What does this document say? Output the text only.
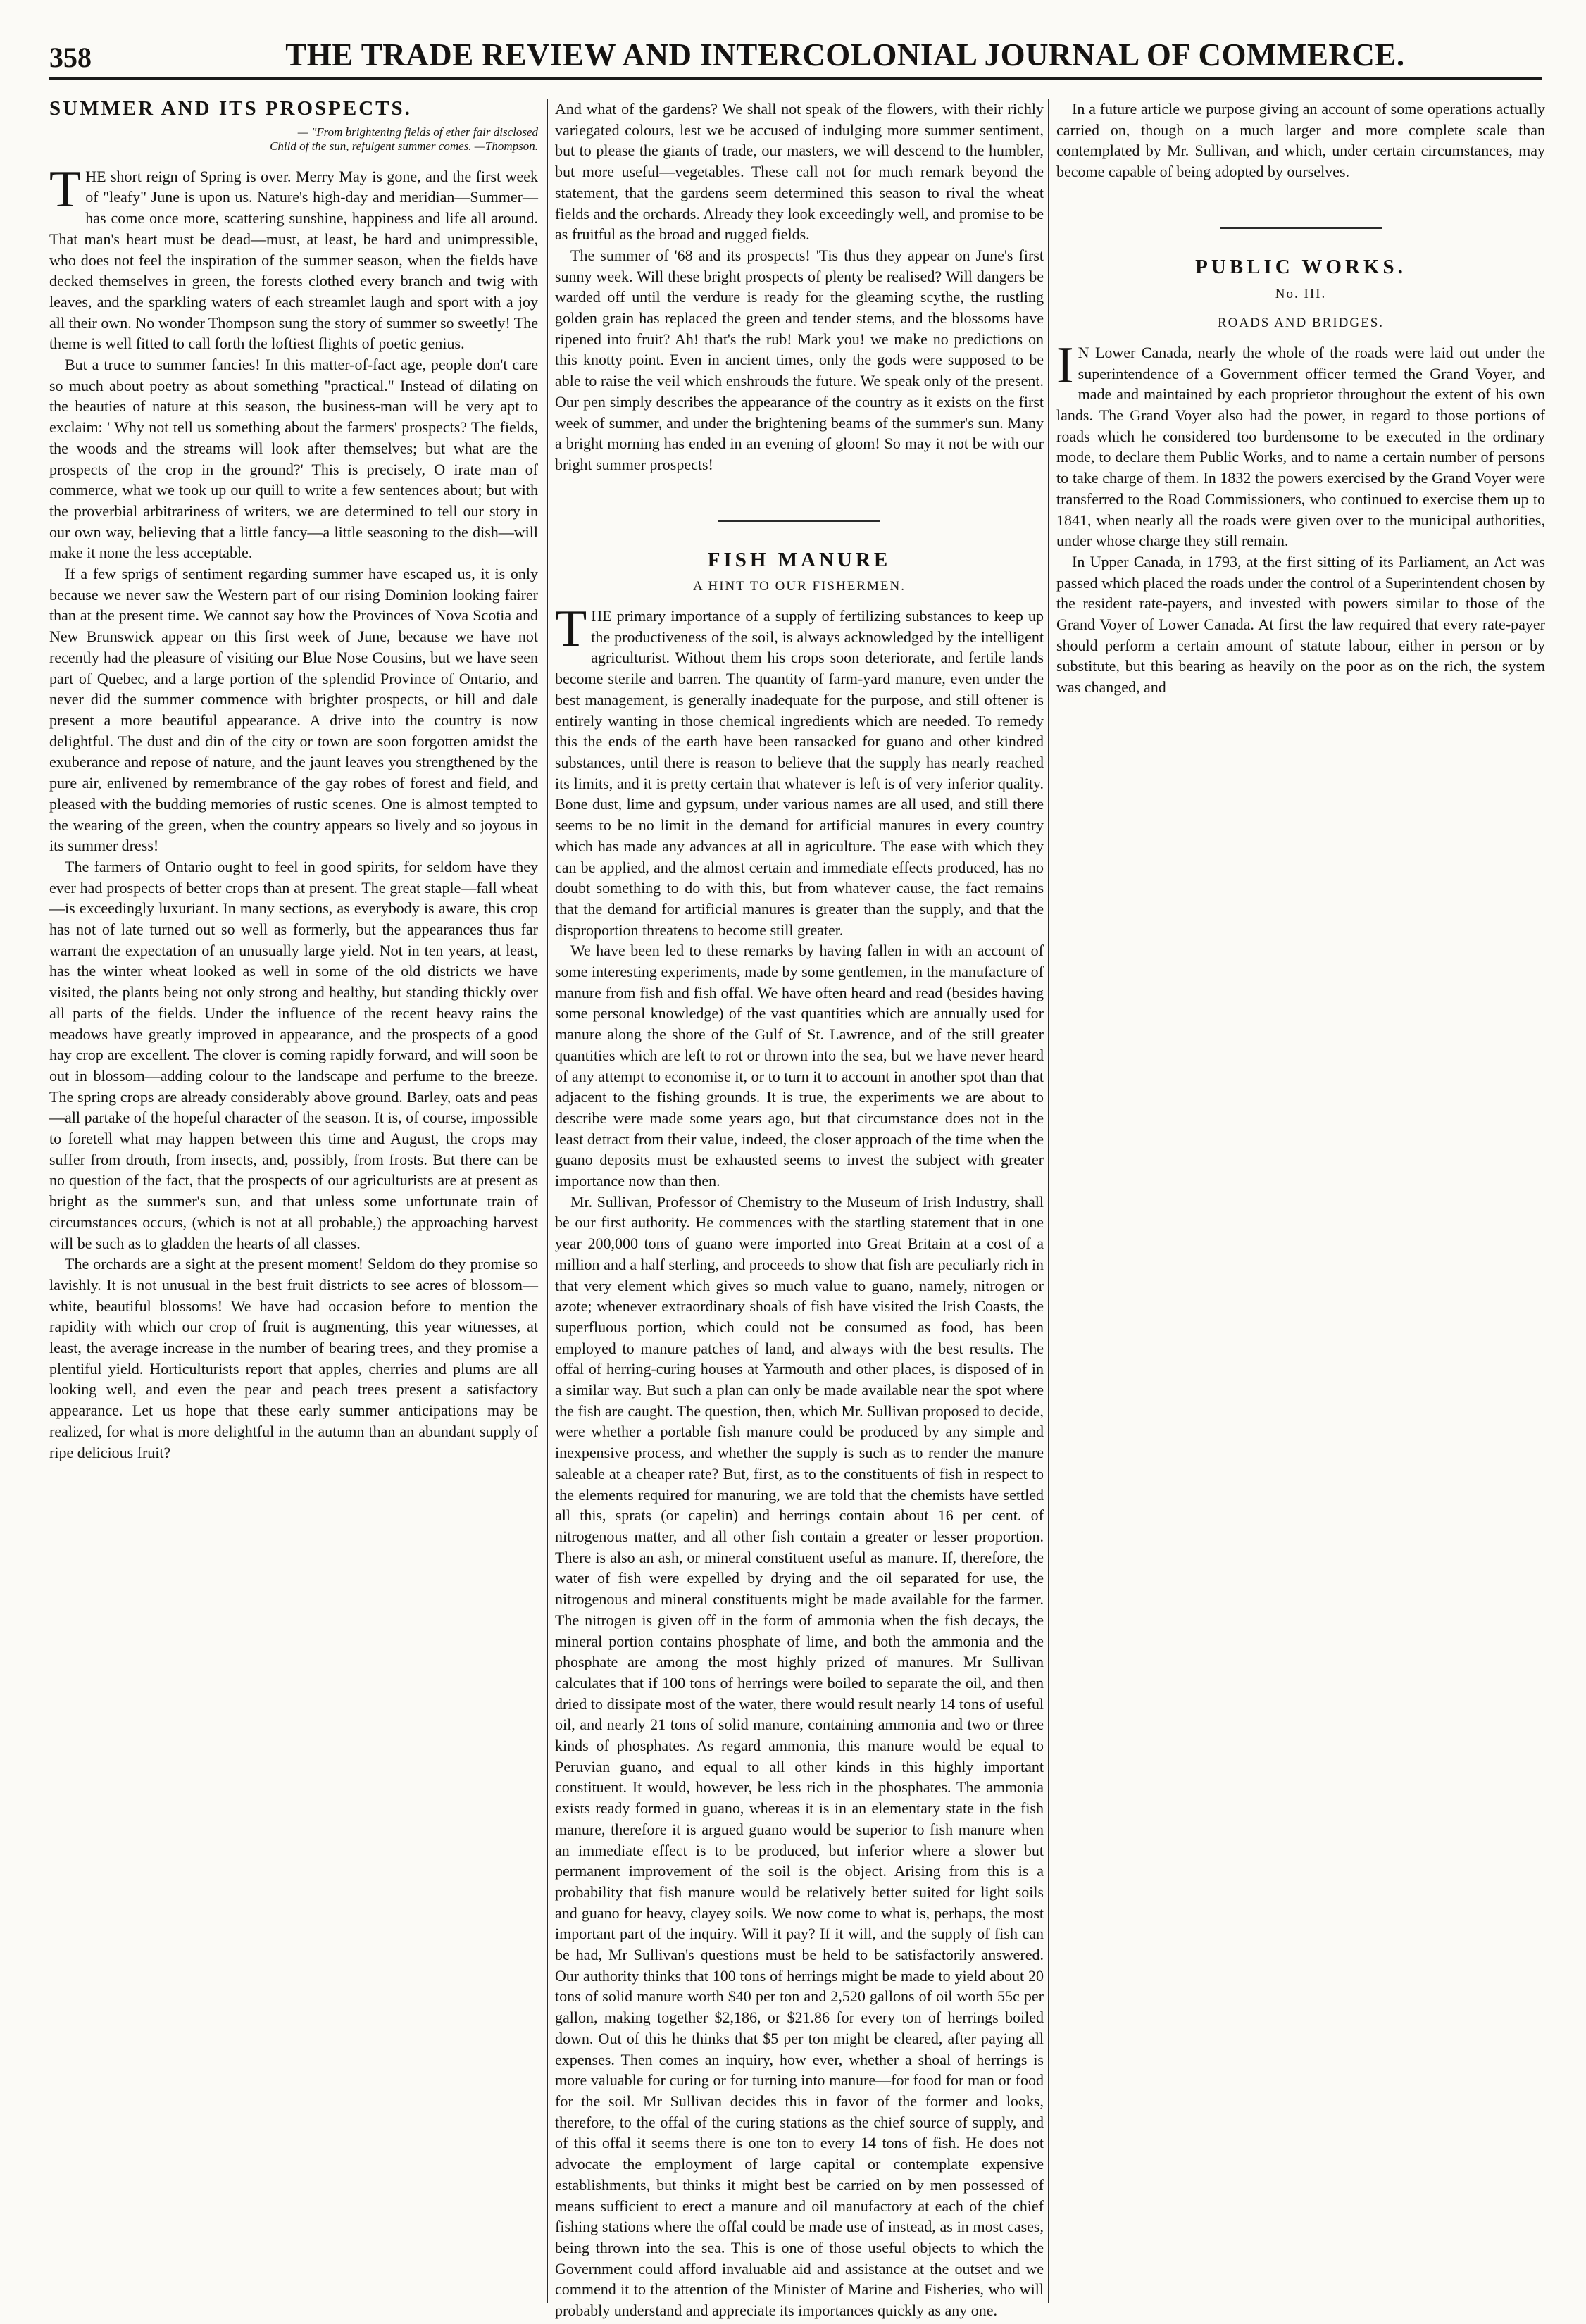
358	THE TRADE REVIEW AND INTERCOLONIAL JOURNAL OF COMMERCE.
SUMMER AND ITS PROSPECTS.
— "From brightening fields of ether fair disclosed
Child of the sun, refulgent summer comes. —Thompson.

THE short reign of Spring is over. Merry May is gone, and the first week of "leafy" June is upon us. Nature's high-day and meridian—Summer—has come once more, scattering sunshine, happiness and life all around. That man's heart must be dead—must, at least, be hard and unimpressible, who does not feel the inspiration of the summer season, when the fields have decked themselves in green, the forests clothed every branch and twig with leaves, and the sparkling waters of each streamlet laugh and sport with a joy all their own. No wonder Thompson sung the story of summer so sweetly! The theme is well fitted to call forth the loftiest flights of poetic genius.

But a truce to summer fancies! In this matter-of-fact age, people don't care so much about poetry as about something "practical." Instead of dilating on the beauties of nature at this season, the business-man will be very apt to exclaim: ' Why not tell us something about the farmers' prospects? The fields, the woods and the streams will look after themselves; but what are the prospects of the crop in the ground?' This is precisely, O irate man of commerce, what we took up our quill to write a few sentences about; but with the proverbial arbitrariness of writers, we are determined to tell our story in our own way, believing that a little fancy—a little seasoning to the dish—will make it none the less acceptable.

If a few sprigs of sentiment regarding summer have escaped us, it is only because we never saw the Western part of our rising Dominion looking fairer than at the present time. We cannot say how the Provinces of Nova Scotia and New Brunswick appear on this first week of June, because we have not recently had the pleasure of visiting our Blue Nose Cousins, but we have seen part of Quebec, and a large portion of the splendid Province of Ontario, and never did the summer commence with brighter prospects, or hill and dale present a more beautiful appearance. A drive into the country is now delightful. The dust and din of the city or town are soon forgotten amidst the exuberance and repose of nature, and the jaunt leaves you strengthened by the pure air, enlivened by remembrance of the gay robes of forest and field, and pleased with the budding memories of rustic scenes. One is almost tempted to the wearing of the green, when the country appears so lively and so joyous in its summer dress!

The farmers of Ontario ought to feel in good spirits, for seldom have they ever had prospects of better crops than at present. The great staple—fall wheat—is exceedingly luxuriant. In many sections, as everybody is aware, this crop has not of late turned out so well as formerly, but the appearances thus far warrant the expectation of an unusually large yield. Not in ten years, at least, has the winter wheat looked as well in some of the old districts we have visited, the plants being not only strong and healthy, but standing thickly over all parts of the fields. Under the influence of the recent heavy rains the meadows have greatly improved in appearance, and the prospects of a good hay crop are excellent. The clover is coming rapidly forward, and will soon be out in blossom—adding colour to the landscape and perfume to the breeze. The spring crops are already considerably above ground. Barley, oats and peas—all partake of the hopeful character of the season. It is, of course, impossible to foretell what may happen between this time and August, the crops may suffer from drouth, from insects, and, possibly, from frosts. But there can be no question of the fact, that the prospects of our agriculturists are at present as bright as the summer's sun, and that unless some unfortunate train of circumstances occurs, (which is not at all probable,) the approaching harvest will be such as to gladden the hearts of all classes.

The orchards are a sight at the present moment! Seldom do they promise so lavishly. It is not unusual in the best fruit districts to see acres of blossom—white, beautiful blossoms! We have had occasion before to mention the rapidity with which our crop of fruit is augmenting, this year witnesses, at least, the average increase in the number of bearing trees, and they promise a plentiful yield. Horticulturists report that apples, cherries and plums are all looking well, and even the pear and peach trees present a satisfactory appearance. Let us hope that these early summer anticipations may be realized, for what is more delightful in the autumn than an abundant supply of ripe delicious fruit?

And what of the gardens? We shall not speak of the flowers, with their richly variegated colours, lest we be accused of indulging more summer sentiment, but to please the giants of trade, our masters, we will descend to the humbler, but more useful—vegetables. These call not for much remark beyond the statement, that the gardens seem determined this season to rival the wheat fields and the orchards. Already they look exceedingly well, and promise to be as fruitful as the broad and rugged fields.

The summer of '68 and its prospects! 'Tis thus they appear on June's first sunny week. Will these bright prospects of plenty be realised? Will dangers be warded off until the verdure is ready for the gleaming scythe, the rustling golden grain has replaced the green and tender stems, and the blossoms have ripened into fruit? Ah! that's the rub! Mark you! we make no predictions on this knotty point. Even in ancient times, only the gods were supposed to be able to raise the veil which enshrouds the future. We speak only of the present. Our pen simply describes the appearance of the country as it exists on the first week of summer, and under the brightening beams of the summer's sun. Many a bright morning has ended in an evening of gloom! So may it not be with our bright summer prospects!

FISH MANURE
A HINT TO OUR FISHERMEN.

THE primary importance of a supply of fertilizing substances to keep up the productiveness of the soil, is always acknowledged by the intelligent agriculturist. Without them his crops soon deteriorate, and fertile lands become sterile and barren. The quantity of farm-yard manure, even under the best management, is generally inadequate for the purpose, and still oftener is entirely wanting in those chemical ingredients which are needed. To remedy this the ends of the earth have been ransacked for guano and other kindred substances, until there is reason to believe that the supply has nearly reached its limits, and it is pretty certain that whatever is left is of very inferior quality. Bone dust, lime and gypsum, under various names are all used, and still there seems to be no limit in the demand for artificial manures in every country which has made any advances at all in agriculture. The ease with which they can be applied, and the almost certain and immediate effects produced, has no doubt something to do with this, but from whatever cause, the fact remains that the demand for artificial manures is greater than the supply, and that the disproportion threatens to become still greater.

We have been led to these remarks by having fallen in with an account of some interesting experiments, made by some gentlemen, in the manufacture of manure from fish and fish offal. We have often heard and read (besides having some personal knowledge) of the vast quantities which are annually used for manure along the shore of the Gulf of St. Lawrence, and of the still greater quantities which are left to rot or thrown into the sea, but we have never heard of any attempt to economise it, or to turn it to account in another spot than that adjacent to the fishing grounds. It is true, the experiments we are about to describe were made some years ago, but that circumstance does not in the least detract from their value, indeed, the closer approach of the time when the guano deposits must be exhausted seems to invest the subject with greater importance now than then.

Mr. Sullivan, Professor of Chemistry to the Museum of Irish Industry, shall be our first authority. He commences with the startling statement that in one year 200,000 tons of guano were imported into Great Britain at a cost of a million and a half sterling, and proceeds to show that fish are peculiarly rich in that very element which gives so much value to guano, namely, nitrogen or azote; whenever extraordinary shoals of fish have visited the Irish Coasts, the superfluous portion, which could not be consumed as food, has been employed to manure patches of land, and always with the best results. The offal of herring-curing houses at Yarmouth and other places, is disposed of in a similar way. But such a plan can only be made available near the spot where the fish are caught. The question, then, which Mr. Sullivan proposed to decide, were whether a portable fish manure could be produced by any simple and inexpensive process, and whether the supply is such as to render the manure saleable at a cheaper rate? But, first, as to the constituents of fish in respect to the elements required for manuring, we are told that the chemists have settled all this, sprats (or capelin) and herrings contain about 16 per cent. of nitrogenous matter, and all other fish contain a greater or lesser proportion. There is also an ash, or mineral constituent useful as manure. If, therefore, the water of fish were expelled by drying and the oil separated for use, the nitrogenous and mineral constituents might be made available for the farmer. The nitrogen is given off in the form of ammonia when the fish decays, the mineral portion contains phosphate of lime, and both the ammonia and the phosphate are among the most highly prized of manures. Mr Sullivan calculates that if 100 tons of herrings were boiled to separate the oil, and then dried to dissipate most of the water, there would result nearly 14 tons of useful oil, and nearly 21 tons of solid manure, containing ammonia and two or three kinds of phosphates. As regard ammonia, this manure would be equal to Peruvian guano, and equal to all other kinds in this highly important constituent. It would, however, be less rich in the phosphates. The ammonia exists ready formed in guano, whereas it is in an elementary state in the fish manure, therefore it is argued guano would be superior to fish manure when an immediate effect is to be produced, but inferior where a slower but permanent improvement of the soil is the object. Arising from this is a probability that fish manure would be relatively better suited for light soils and guano for heavy, clayey soils. We now come to what is, perhaps, the most important part of the inquiry. Will it pay? If it will, and the supply of fish can be had, Mr Sullivan's questions must be held to be satisfactorily answered. Our authority thinks that 100 tons of herrings might be made to yield about 20 tons of solid manure worth $40 per ton and 2,520 gallons of oil worth 55c per gallon, making together $2,186, or $21.86 for every ton of herrings boiled down. Out of this he thinks that $5 per ton might be cleared, after paying all expenses. Then comes an inquiry, how ever, whether a shoal of herrings is more valuable for curing or for turning into manure—for food for man or food for the soil. Mr Sullivan decides this in favor of the former and looks, therefore, to the offal of the curing stations as the chief source of supply, and of this offal it seems there is one ton to every 14 tons of fish. He does not advocate the employment of large capital or contemplate expensive establishments, but thinks it might best be carried on by men possessed of means sufficient to erect a manure and oil manufactory at each of the chief fishing stations where the offal could be made use of instead, as in most cases, being thrown into the sea. This is one of those useful objects to which the Government could afford invaluable aid and assistance at the outset and we commend it to the attention of the Minister of Marine and Fisheries, who will probably understand and appreciate its importances quickly as any one.

In a future article we purpose giving an account of some operations actually carried on, though on a much larger and more complete scale than contemplated by Mr. Sullivan, and which, under certain circumstances, may become capable of being adopted by ourselves.

PUBLIC WORKS.
No. III.
ROADS AND BRIDGES.

I N Lower Canada, nearly the whole of the roads were laid out under the superintendence of a Government officer termed the Grand Voyer, and made and maintained by each proprietor throughout the extent of his own lands. The Grand Voyer also had the power, in regard to those portions of roads which he considered too burdensome to be executed in the ordinary mode, to declare them Public Works, and to name a certain number of persons to take charge of them. In 1832 the powers exercised by the Grand Voyer were transferred to the Road Commissioners, who continued to exercise them up to 1841, when nearly all the roads were given over to the municipal authorities, under whose charge they still remain.

In Upper Canada, in 1793, at the first sitting of its Parliament, an Act was passed which placed the roads under the control of a Superintendent chosen by the resident rate-payers, and invested with powers similar to those of the Grand Voyer of Lower Canada. At first the law required that every rate-payer should perform a certain amount of statute labour, either in person or by substitute, but this bearing as heavily on the poor as on the rich, the system was changed, and
